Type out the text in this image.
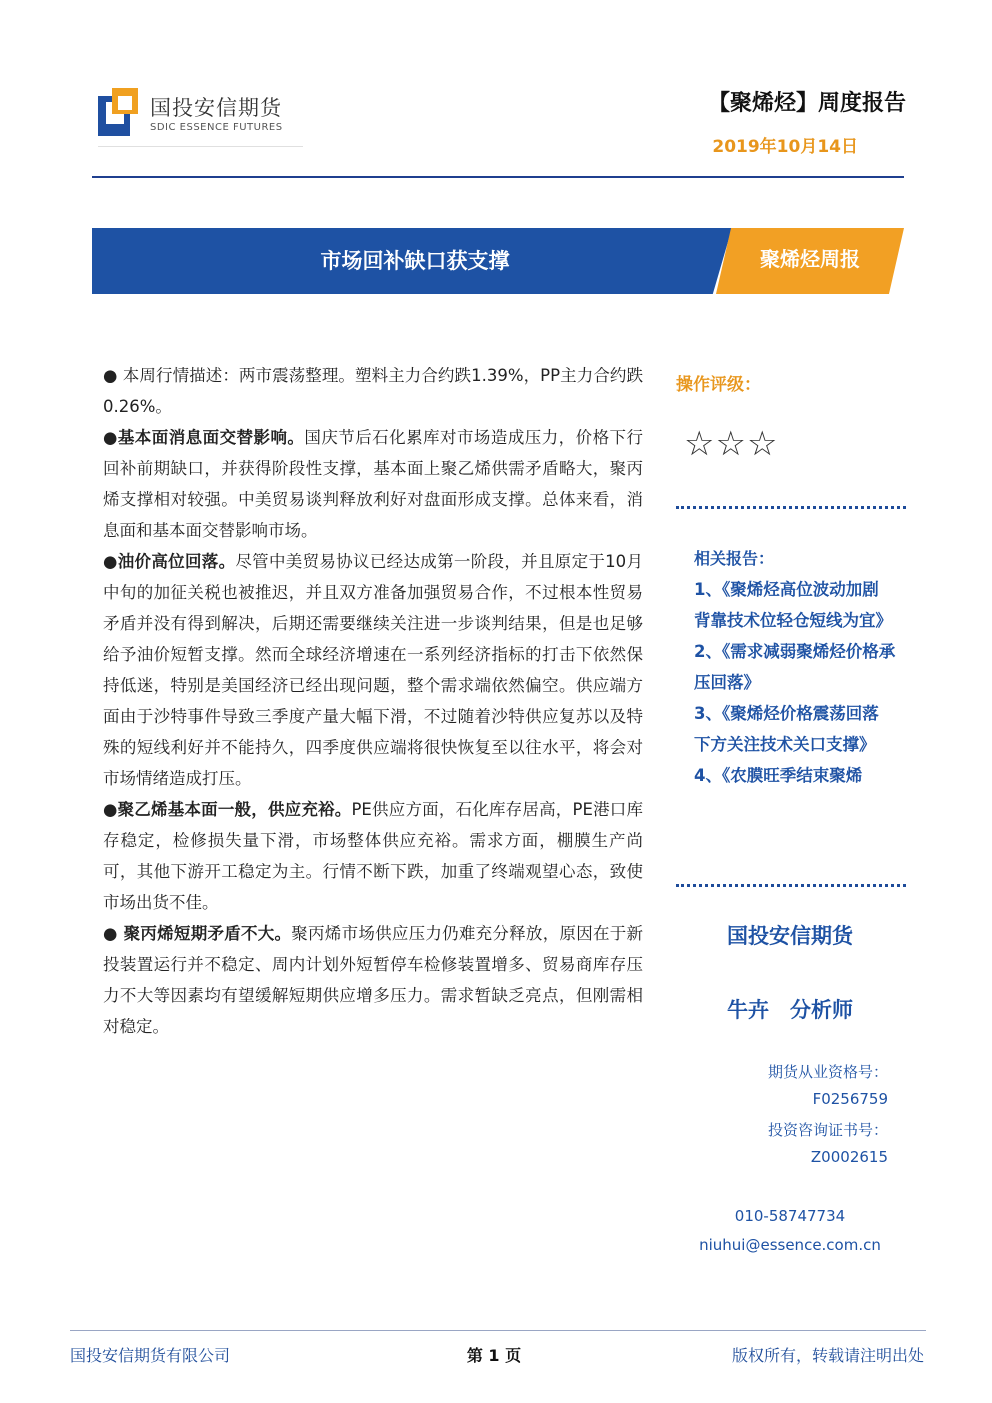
国投安信期货
SDIC ESSENCE FUTURES
【聚烯烃】周度报告
2019年10月14日
市场回补缺口获支撑	聚烯烃周报

● 本周行情描述：两市震荡整理。塑料主力合约跌1.39%，PP主力合约跌0.26%。

●基本面消息面交替影响。国庆节后石化累库对市场造成压力，价格下行回补前期缺口，并获得阶段性支撑，基本面上聚乙烯供需矛盾略大，聚丙烯支撑相对较强。中美贸易谈判释放利好对盘面形成支撑。总体来看，消息面和基本面交替影响市场。

●油价高位回落。尽管中美贸易协议已经达成第一阶段，并且原定于10月中旬的加征关税也被推迟，并且双方准备加强贸易合作，不过根本性贸易矛盾并没有得到解决，后期还需要继续关注进一步谈判结果，但是也足够给予油价短暂支撑。然而全球经济增速在一系列经济指标的打击下依然保持低迷，特别是美国经济已经出现问题，整个需求端依然偏空。供应端方面由于沙特事件导致三季度产量大幅下滑，不过随着沙特供应复苏以及特殊的短线利好并不能持久，四季度供应端将很快恢复至以往水平，将会对市场情绪造成打压。

●聚乙烯基本面一般，供应充裕。PE供应方面，石化库存居高，PE港口库存稳定，检修损失量下滑，市场整体供应充裕。需求方面，棚膜生产尚可，其他下游开工稳定为主。行情不断下跌，加重了终端观望心态，致使市场出货不佳。

● 聚丙烯短期矛盾不大。聚丙烯市场供应压力仍难充分释放，原因在于新投装置运行并不稳定、周内计划外短暂停车检修装置增多、贸易商库存压力不大等因素均有望缓解短期供应增多压力。需求暂缺乏亮点，但刚需相对稳定。

操作评级：
☆☆☆
相关报告：
1、《聚烯烃高位波动加剧 背靠技术位轻仓短线为宜》
2、《需求减弱聚烯烃价格承压回落》
3、《聚烯烃价格震荡回落 下方关注技术关口支撑》
4、《农膜旺季结束聚烯
国投安信期货
牛卉　分析师
期货从业资格号：
F0256759
投资咨询证书号：
Z0002615
010-58747734
niuhui@essence.com.cn
国投安信期货有限公司	第 1 页	版权所有，转载请注明出处
